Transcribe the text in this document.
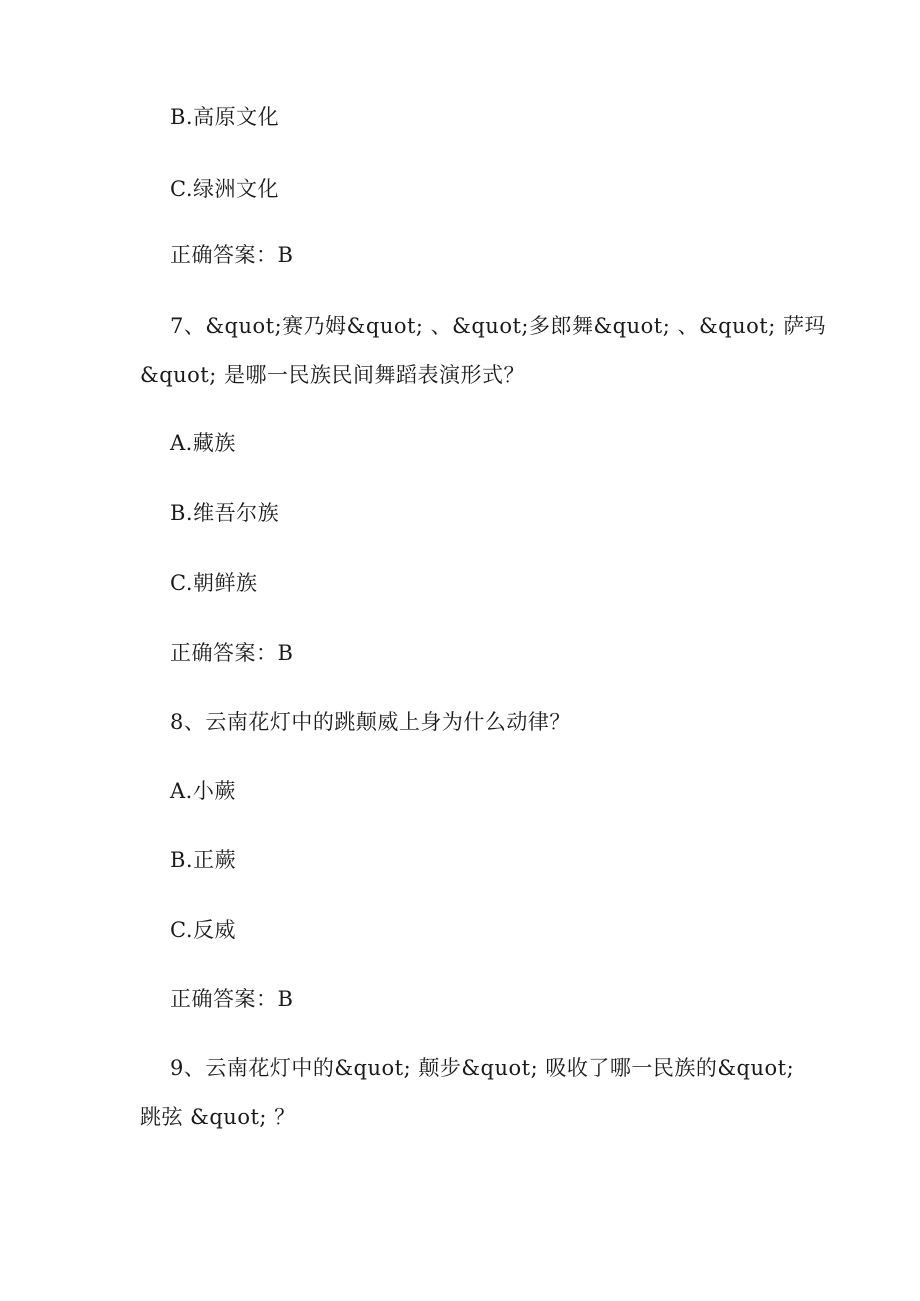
B.高原文化
C.绿洲文化
正确答案：B
7、&quot;赛乃姆&quot; 、&quot;多郎舞&quot; 、&quot; 萨玛
&quot; 是哪一民族民间舞蹈表演形式？
A.藏族
B.维吾尔族
C.朝鲜族
正确答案：B
8、云南花灯中的跳颠威上身为什么动律？
A.小蕨
B.正蕨
C.反威
正确答案：B
9、云南花灯中的&quot; 颠步&quot; 吸收了哪一民族的&quot;
跳弦 &quot; ？
